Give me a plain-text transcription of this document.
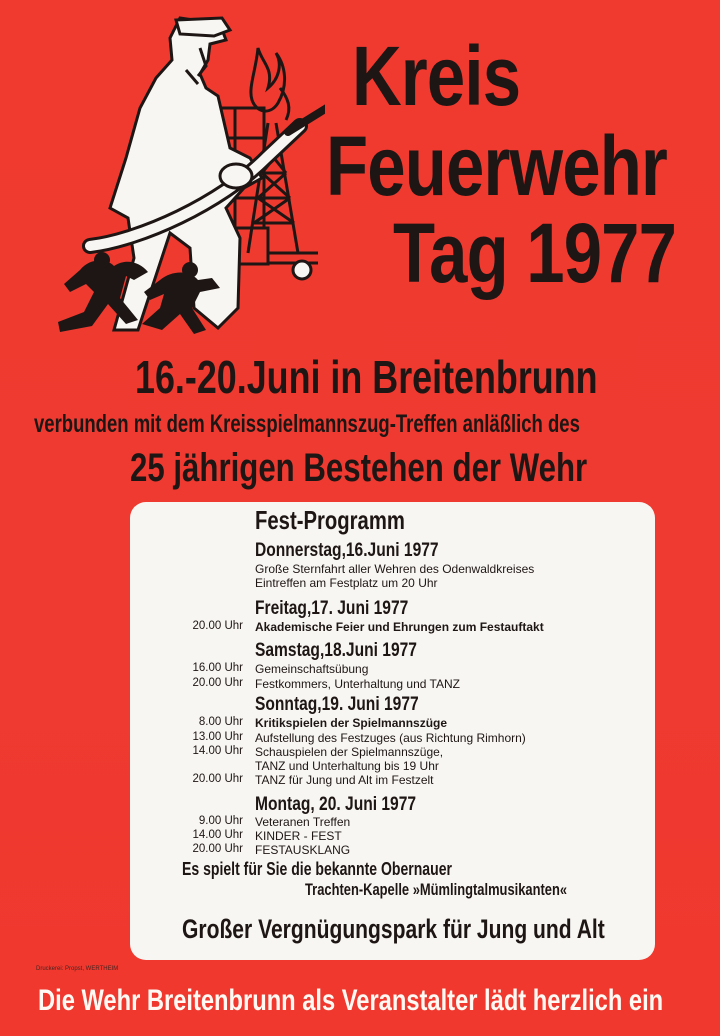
Kreis
Feuerwehr
Tag 1977
16.-20.Juni in Breitenbrunn
verbunden mit dem Kreisspielmannszug-Treffen anläßlich des
25 jährigen Bestehen der Wehr
Fest-Programm
Donnerstag,16.Juni 1977
Große Sternfahrt aller Wehren des Odenwaldkreises
Eintreffen am Festplatz um 20 Uhr
Freitag,17. Juni 1977
20.00 Uhr Akademische Feier und Ehrungen zum Festauftakt
Samstag,18.Juni 1977
16.00 Uhr Gemeinschaftsübung
20.00 Uhr Festkommers, Unterhaltung und TANZ
Sonntag,19. Juni 1977
8.00 Uhr Kritikspielen der Spielmannszüge
13.00 Uhr Aufstellung des Festzuges (aus Richtung Rimhorn)
14.00 Uhr Schauspielen der Spielmannszüge,
TANZ und Unterhaltung bis 19 Uhr
20.00 Uhr TANZ für Jung und Alt im Festzelt
Montag, 20. Juni 1977
9.00 Uhr Veteranen Treffen
14.00 Uhr KINDER - FEST
20.00 Uhr FESTAUSKLANG
Es spielt für Sie die bekannte Obernauer
Trachten-Kapelle »Mümlingtalmusikanten«
Großer Vergnügungspark für Jung und Alt
Druckerei: Propst, WERTHEIM
Die Wehr Breitenbrunn als Veranstalter lädt herzlich ein
